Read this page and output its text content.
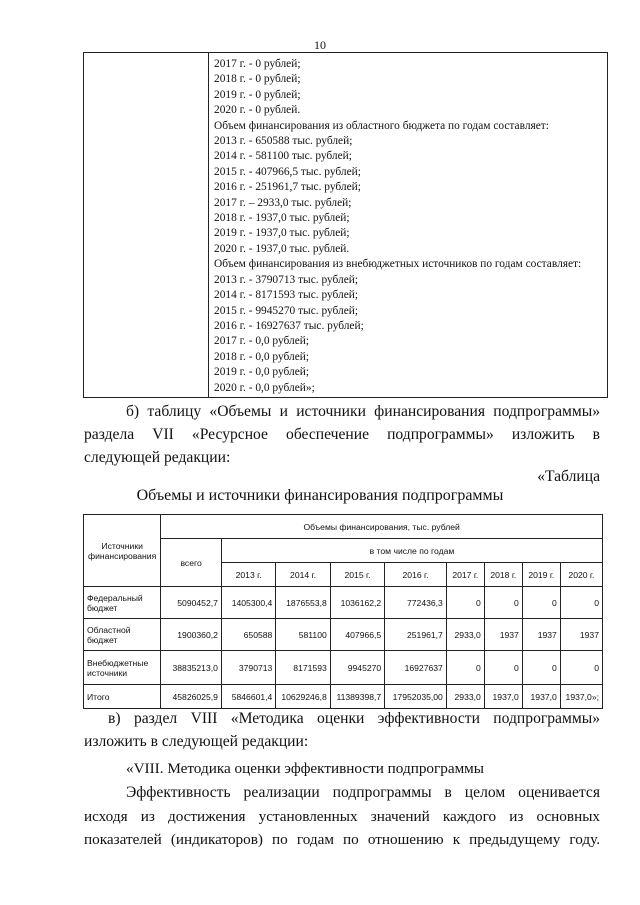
10
2017 г. - 0 рублей;
2018 г. - 0 рублей;
2019 г. - 0 рублей;
2020 г. - 0 рублей.
Объем финансирования из областного бюджета по годам составляет:
2013 г. - 650588 тыс. рублей;
2014 г. - 581100 тыс. рублей;
2015 г. - 407966,5 тыс. рублей;
2016 г. - 251961,7 тыс. рублей;
2017 г. – 2933,0 тыс. рублей;
2018 г. - 1937,0 тыс. рублей;
2019 г. - 1937,0 тыс. рублей;
2020 г. - 1937,0 тыс. рублей.
Объем финансирования из внебюджетных источников по годам составляет:
2013 г. - 3790713 тыс. рублей;
2014 г. - 8171593 тыс. рублей;
2015 г. - 9945270 тыс. рублей;
2016 г. - 16927637 тыс. рублей;
2017 г. - 0,0 рублей;
2018 г. - 0,0 рублей;
2019 г. - 0,0 рублей;
2020 г. - 0,0 рублей»;
б) таблицу «Объемы и источники финансирования подпрограммы»
раздела VII «Ресурсное обеспечение подпрограммы» изложить в
следующей редакции:
«Таблица
Объемы и источники финансирования подпрограммы
Источники финансирования	Объемы финансирования, тыс. рублей								
	всего	в том числе по годам							
		2013 г.	2014 г.	2015 г.	2016 г.	2017 г.	2018 г.	2019 г.	2020 г.
Федеральный бюджет	5090452,7	1405300,4	1876553,8	1036162,2	772436,3	0	0	0	0
Областной бюджет	1900360,2	650588	581100	407966,5	251961,7	2933,0	1937	1937	1937
Внебюджетные источники	38835213,0	3790713	8171593	9945270	16927637	0	0	0	0
Итого	45826025,9	5846601,4	10629246,8	11389398,7	17952035,00	2933,0	1937,0	1937,0	1937,0»;
в) раздел VIII «Методика оценки эффективности подпрограммы»
изложить в следующей редакции:
«VIII. Методика оценки эффективности подпрограммы
Эффективность реализации подпрограммы в целом оценивается
исходя из достижения установленных значений каждого из основных
показателей (индикаторов) по годам по отношению к предыдущему году.
